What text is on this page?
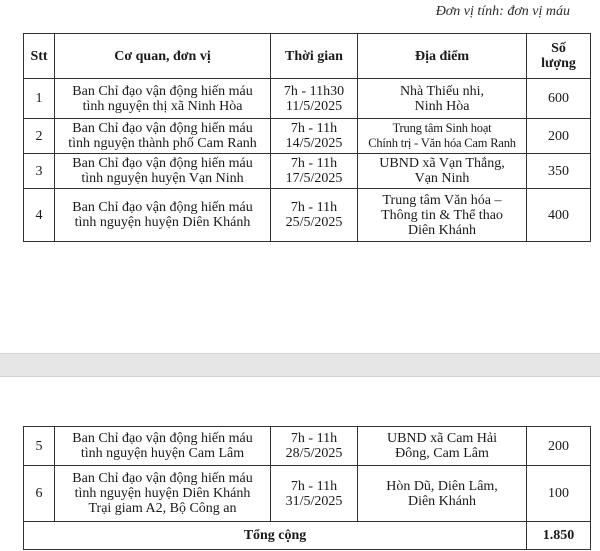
Đơn vị tính: đơn vị máu
Stt	Cơ quan, đơn vị	Thời gian	Địa điểm	Số
lượng

1	Ban Chỉ đạo vận động hiến máu
tình nguyện thị xã Ninh Hòa	7h - 11h30
11/5/2025	Nhà Thiếu nhi,
Ninh Hòa	600
2	Ban Chỉ đạo vận động hiến máu
tình nguyện thành phố Cam Ranh	7h - 11h
14/5/2025	Trung tâm Sinh hoạt
Chính trị - Văn hóa Cam Ranh	200
3	Ban Chỉ đạo vận động hiến máu
tình nguyện huyện Vạn Ninh	7h - 11h
17/5/2025	UBND xã Vạn Thắng,
Vạn Ninh	350
4	Ban Chỉ đạo vận động hiến máu
tình nguyện huyện Diên Khánh	7h - 11h
25/5/2025	Trung tâm Văn hóa –
Thông tin & Thể thao
Diên Khánh	400
5	Ban Chỉ đạo vận động hiến máu
tình nguyện huyện Cam Lâm	7h - 11h
28/5/2025	UBND xã Cam Hải
Đông, Cam Lâm	200
6	Ban Chỉ đạo vận động hiến máu
tình nguyện huyện Diên Khánh
Trại giam A2, Bộ Công an	7h - 11h
31/5/2025	Hòn Dũ, Diên Lâm,
Diên Khánh	100
Tổng cộng				1.850
